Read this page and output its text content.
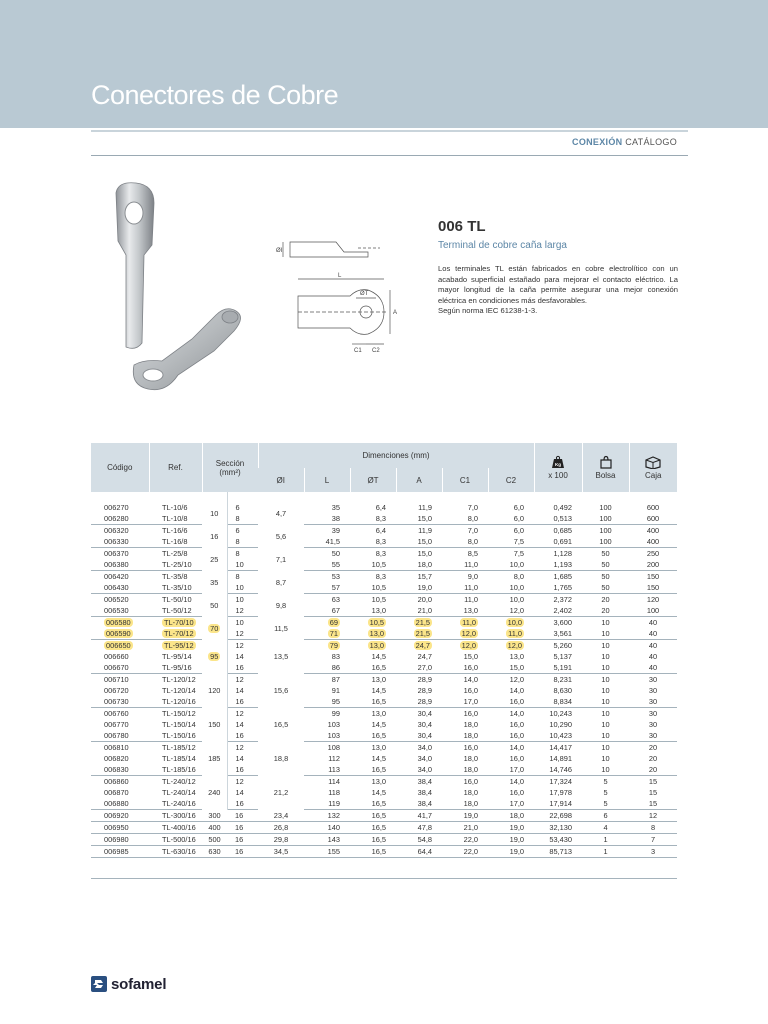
Conectores de Cobre
CONEXIÓN CATÁLOGO
ØI
L
ØT
A
C1 C2
006 TL
Terminal de cobre caña larga

Los terminales TL están fabricados en cobre electrolítico con un acabado superficial estañado para mejorar el contacto eléctrico. La mayor longitud de la caña permite asegurar una mejor conexión eléctrica en condiciones más desfavorables.

Según norma IEC 61238-1-3.

Código	Ref.	Sección
(mm²)		Dimenciones (mm)						Kg

x 100	Bolsa	Caja
				ØI	L	ØT	A	C1	C2			
006270	TL-10/6	10	6	4,7	35	6,4	11,9	7,0	6,0	0,492	100	600
006280	TL-10/8		8		38	8,3	15,0	8,0	6,0	0,513	100	600
006320	TL-16/6	16	6	5,6	39	6,4	11,9	7,0	6,0	0,685	100	400
006330	TL-16/8		8		41,5	8,3	15,0	8,0	7,5	0,691	100	400
006370	TL-25/8	25	8	7,1	50	8,3	15,0	8,5	7,5	1,128	50	250
006380	TL-25/10		10		55	10,5	18,0	11,0	10,0	1,193	50	200
006420	TL-35/8	35	8	8,7	53	8,3	15,7	9,0	8,0	1,685	50	150
006430	TL-35/10		10		57	10,5	19,0	11,0	10,0	1,765	50	150
006520	TL-50/10	50	10	9,8	63	10,5	20,0	11,0	10,0	2,372	20	120
006530	TL-50/12		12		67	13,0	21,0	13,0	12,0	2,402	20	100
006580	TL-70/10	70	10	11,5	69	10,5	21,5	11,0	10,0	3,600	10	40
006590	TL-70/12		12		71	13,0	21,5	12,0	11,0	3,561	10	40
006650	TL-95/12	95	12	13,5	79	13,0	24,7	12,0	12,0	5,260	10	40
006660	TL-95/14		14		83	14,5	24,7	15,0	13,0	5,137	10	40
006670	TL-95/16		16		86	16,5	27,0	16,0	15,0	5,191	10	40
006710	TL-120/12	120	12	15,6	87	13,0	28,9	14,0	12,0	8,231	10	30
006720	TL-120/14		14		91	14,5	28,9	16,0	14,0	8,630	10	30
006730	TL-120/16		16		95	16,5	28,9	17,0	16,0	8,834	10	30
006760	TL-150/12	150	12	16,5	99	13,0	30,4	16,0	14,0	10,243	10	30
006770	TL-150/14		14		103	14,5	30,4	18,0	16,0	10,290	10	30
006780	TL-150/16		16		103	16,5	30,4	18,0	16,0	10,423	10	30
006810	TL-185/12	185	12	18,8	108	13,0	34,0	16,0	14,0	14,417	10	20
006820	TL-185/14		14		112	14,5	34,0	18,0	16,0	14,891	10	20
006830	TL-185/16		16		113	16,5	34,0	18,0	17,0	14,746	10	20
006860	TL-240/12	240	12	21,2	114	13,0	38,4	16,0	14,0	17,324	5	15
006870	TL-240/14		14		118	14,5	38,4	18,0	16,0	17,978	5	15
006880	TL-240/16		16		119	16,5	38,4	18,0	17,0	17,914	5	15
006920	TL-300/16	300	16	23,4	132	16,5	41,7	19,0	18,0	22,698	6	12
006950	TL-400/16	400	16	26,8	140	16,5	47,8	21,0	19,0	32,130	4	8
006980	TL-500/16	500	16	29,8	143	16,5	54,8	22,0	19,0	53,430	1	7
006985	TL-630/16	630	16	34,5	155	16,5	64,4	22,0	19,0	85,713	1	3
sofamel
